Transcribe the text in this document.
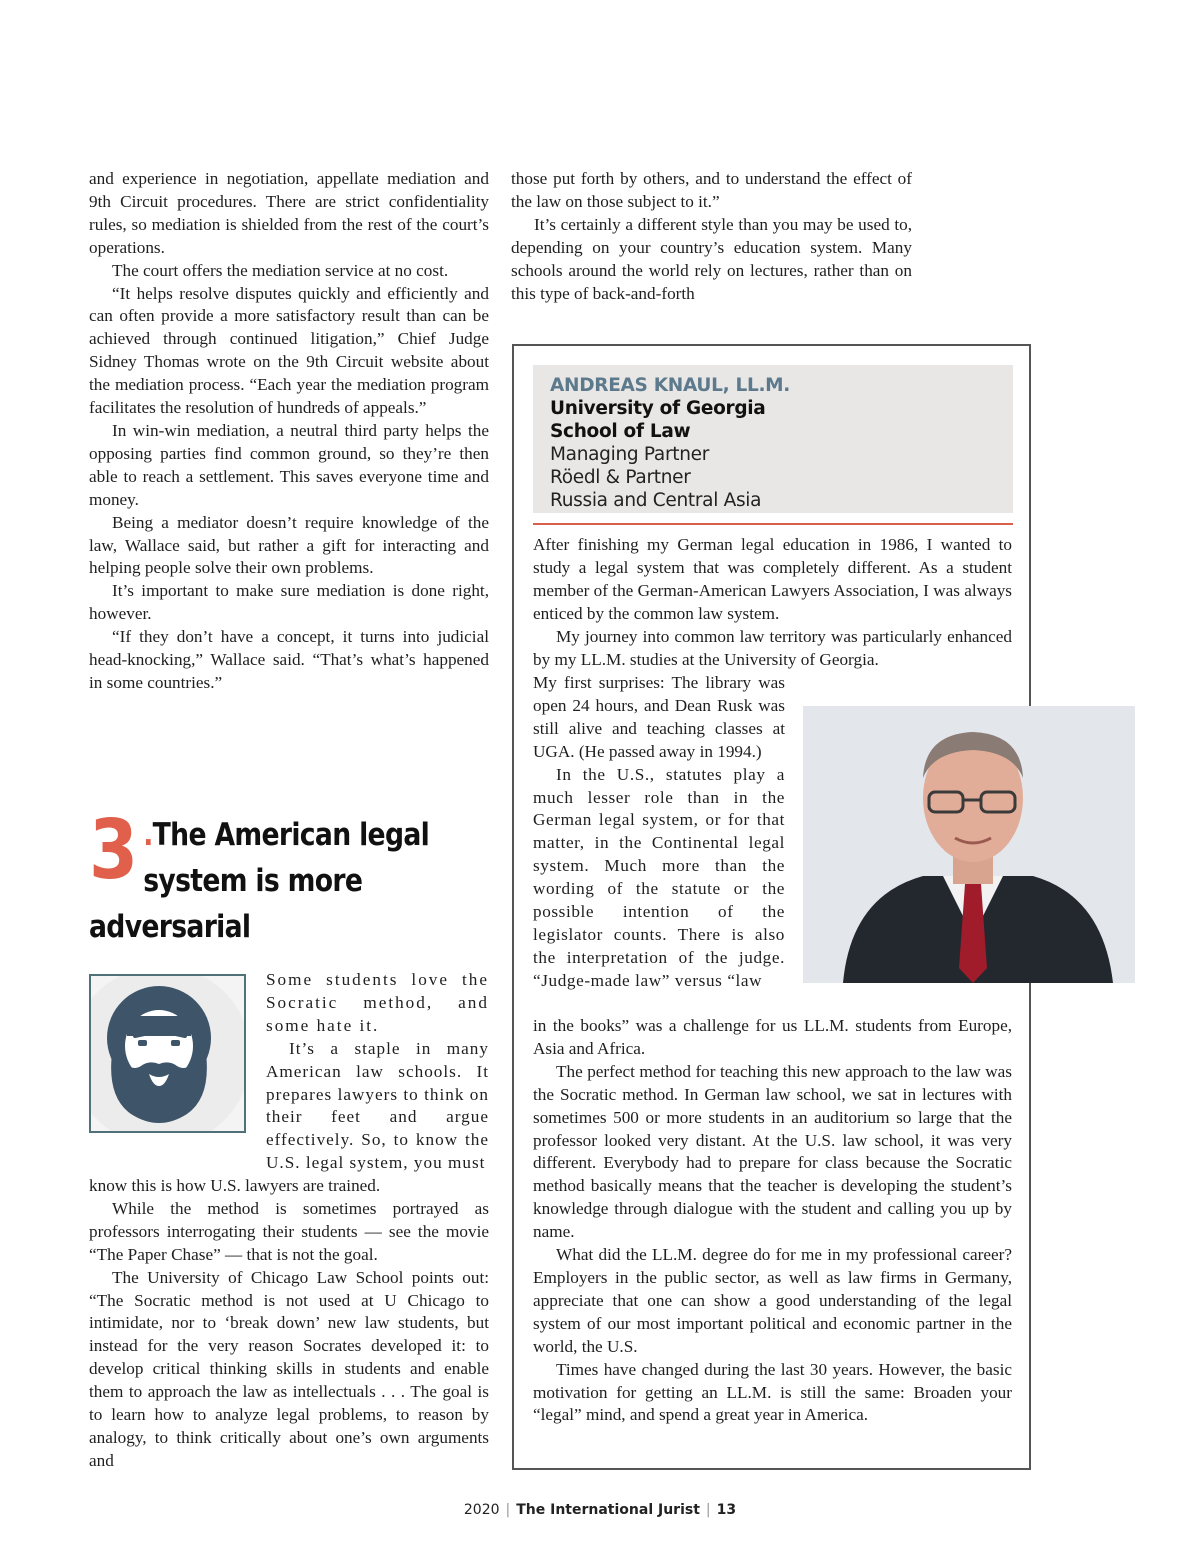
and experience in negotiation, appellate mediation and 9th Circuit procedures. There are strict confidentiality rules, so mediation is shielded from the rest of the court’s operations.

The court offers the mediation service at no cost.

“It helps resolve disputes quickly and efficiently and can often provide a more satisfactory result than can be achieved through continued litigation,” Chief Judge Sidney Thomas wrote on the 9th Circuit website about the mediation process. “Each year the mediation program facilitates the resolution of hundreds of appeals.”

In win-win mediation, a neutral third party helps the opposing parties find common ground, so they’re then able to reach a settlement. This saves everyone time and money.

Being a mediator doesn’t require knowledge of the law, Wallace said, but rather a gift for interacting and helping people solve their own problems.

It’s important to make sure mediation is done right, however.

“If they don’t have a concept, it turns into judicial head-knocking,” Wallace said. “That’s what’s happened in some countries.”

those put forth by others, and to understand the effect of the law on those subject to it.”

It’s certainly a different style than you may be used to, depending on your country’s education system. Many schools around the world rely on lectures, rather than on this type of back-and-forth

3 .The American legal system is more adversarial

Some students love the Socratic method, and some hate it.

It’s a staple in many American law schools. It prepares lawyers to think on their feet and argue effectively. So, to know the U.S. legal system, you must

know this is how U.S. lawyers are trained.

While the method is sometimes portrayed as professors interrogating their students — see the movie “The Paper Chase” — that is not the goal.

The University of Chicago Law School points out: “The Socratic method is not used at U Chicago to intimidate, nor to ‘break down’ new law students, but instead for the very reason Socrates developed it: to develop critical thinking skills in students and enable them to approach the law as intellectuals . . . The goal is to learn how to analyze legal problems, to reason by analogy, to think critically about one’s own arguments and

ANDREAS KNAUL, LL.M.
University of Georgia
School of Law
Managing Partner
Röedl & Partner
Russia and Central Asia

After finishing my German legal education in 1986, I wanted to study a legal system that was completely different. As a student member of the German-American Lawyers Association, I was always enticed by the common law system.

My journey into common law territory was particularly enhanced by my LL.M. studies at the University of Georgia.

My first surprises: The library was open 24 hours, and Dean Rusk was still alive and teaching classes at UGA. (He passed away in 1994.)

In the U.S., statutes play a much lesser role than in the German legal system, or for that matter, in the Continental legal system. Much more than the wording of the statute or the possible intention of the legislator counts. There is also the interpretation of the judge. “Judge-made law” versus “law

in the books” was a challenge for us LL.M. students from Europe, Asia and Africa.

The perfect method for teaching this new approach to the law was the Socratic method. In German law school, we sat in lectures with sometimes 500 or more students in an auditorium so large that the professor looked very distant. At the U.S. law school, it was very different. Everybody had to prepare for class because the Socratic method basically means that the teacher is developing the student’s knowledge through dialogue with the student and calling you up by name.

What did the LL.M. degree do for me in my professional career? Employers in the public sector, as well as law firms in Germany, appreciate that one can show a good understanding of the legal system of our most important political and economic partner in the world, the U.S.

Times have changed during the last 30 years. However, the basic motivation for getting an LL.M. is still the same: Broaden your “legal” mind, and spend a great year in America.

2020 | The International Jurist | 13
